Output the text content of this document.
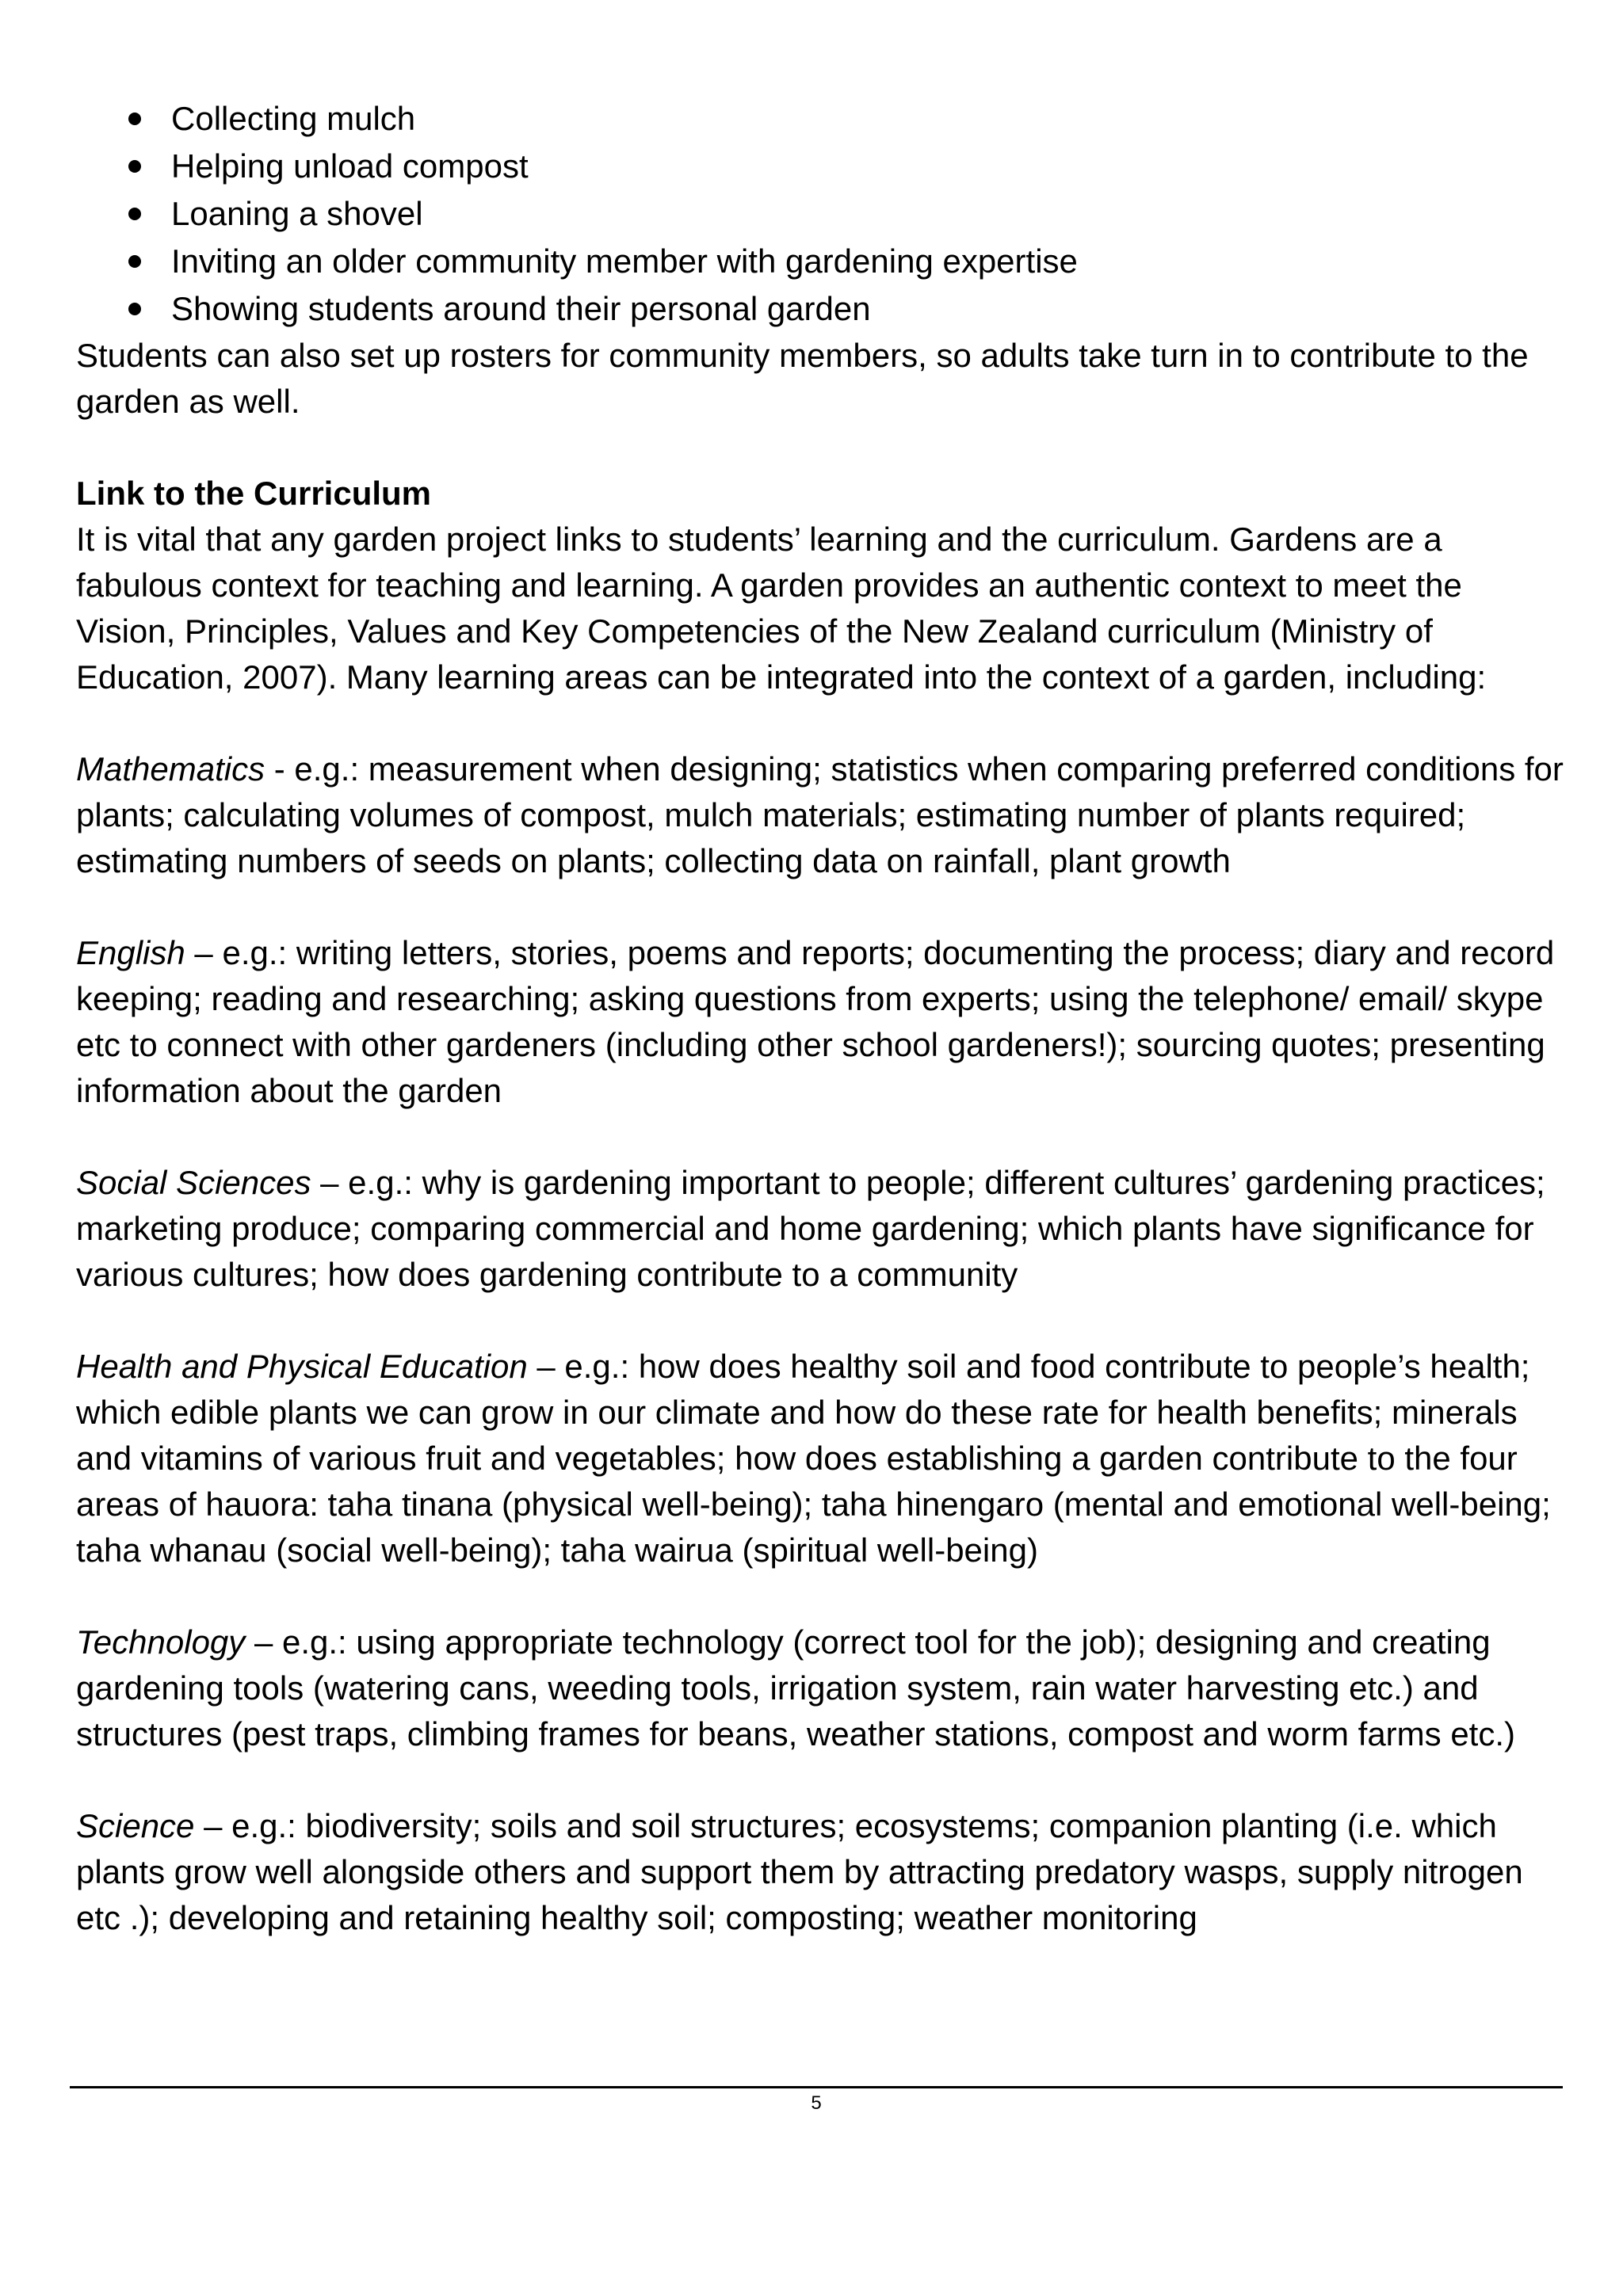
Collecting mulch
Helping unload compost
Loaning a shovel
Inviting an older community member with gardening expertise
Showing students around their personal garden

Students can also set up rosters for community members, so adults take turn in to contribute to the garden as well.

Link to the Curriculum

It is vital that any garden project links to students’ learning and the curriculum. Gardens are a fabulous context for teaching and learning. A garden provides an authentic context to meet the Vision, Principles, Values and Key Competencies of the New Zealand curriculum (Ministry of Education, 2007). Many learning areas can be integrated into the context of a garden, including:

Mathematics - e.g.: measurement when designing; statistics when comparing preferred conditions for plants; calculating volumes of compost, mulch materials; estimating number of plants required; estimating numbers of seeds on plants; collecting data on rainfall, plant growth

English – e.g.: writing letters, stories, poems and reports; documenting the process; diary and record keeping; reading and researching; asking questions from experts; using the telephone/ email/ skype etc to connect with other gardeners (including other school gardeners!); sourcing quotes; presenting information about the garden

Social Sciences – e.g.: why is gardening important to people; different cultures’ gardening practices; marketing produce; comparing commercial and home gardening; which plants have significance for various cultures; how does gardening contribute to a community

Health and Physical Education – e.g.: how does healthy soil and food contribute to people’s health; which edible plants we can grow in our climate and how do these rate for health benefits; minerals and vitamins of various fruit and vegetables; how does establishing a garden contribute to the four areas of hauora: taha tinana (physical well-being); taha hinengaro (mental and emotional well-being; taha whanau (social well-being); taha wairua (spiritual well-being)

Technology – e.g.: using appropriate technology (correct tool for the job); designing and creating gardening tools (watering cans, weeding tools, irrigation system, rain water harvesting etc.) and structures (pest traps, climbing frames for beans, weather stations, compost and worm farms etc.)

Science – e.g.: biodiversity; soils and soil structures; ecosystems; companion planting (i.e. which plants grow well alongside others and support them by attracting predatory wasps, supply nitrogen etc .); developing and retaining healthy soil; composting; weather monitoring

5
